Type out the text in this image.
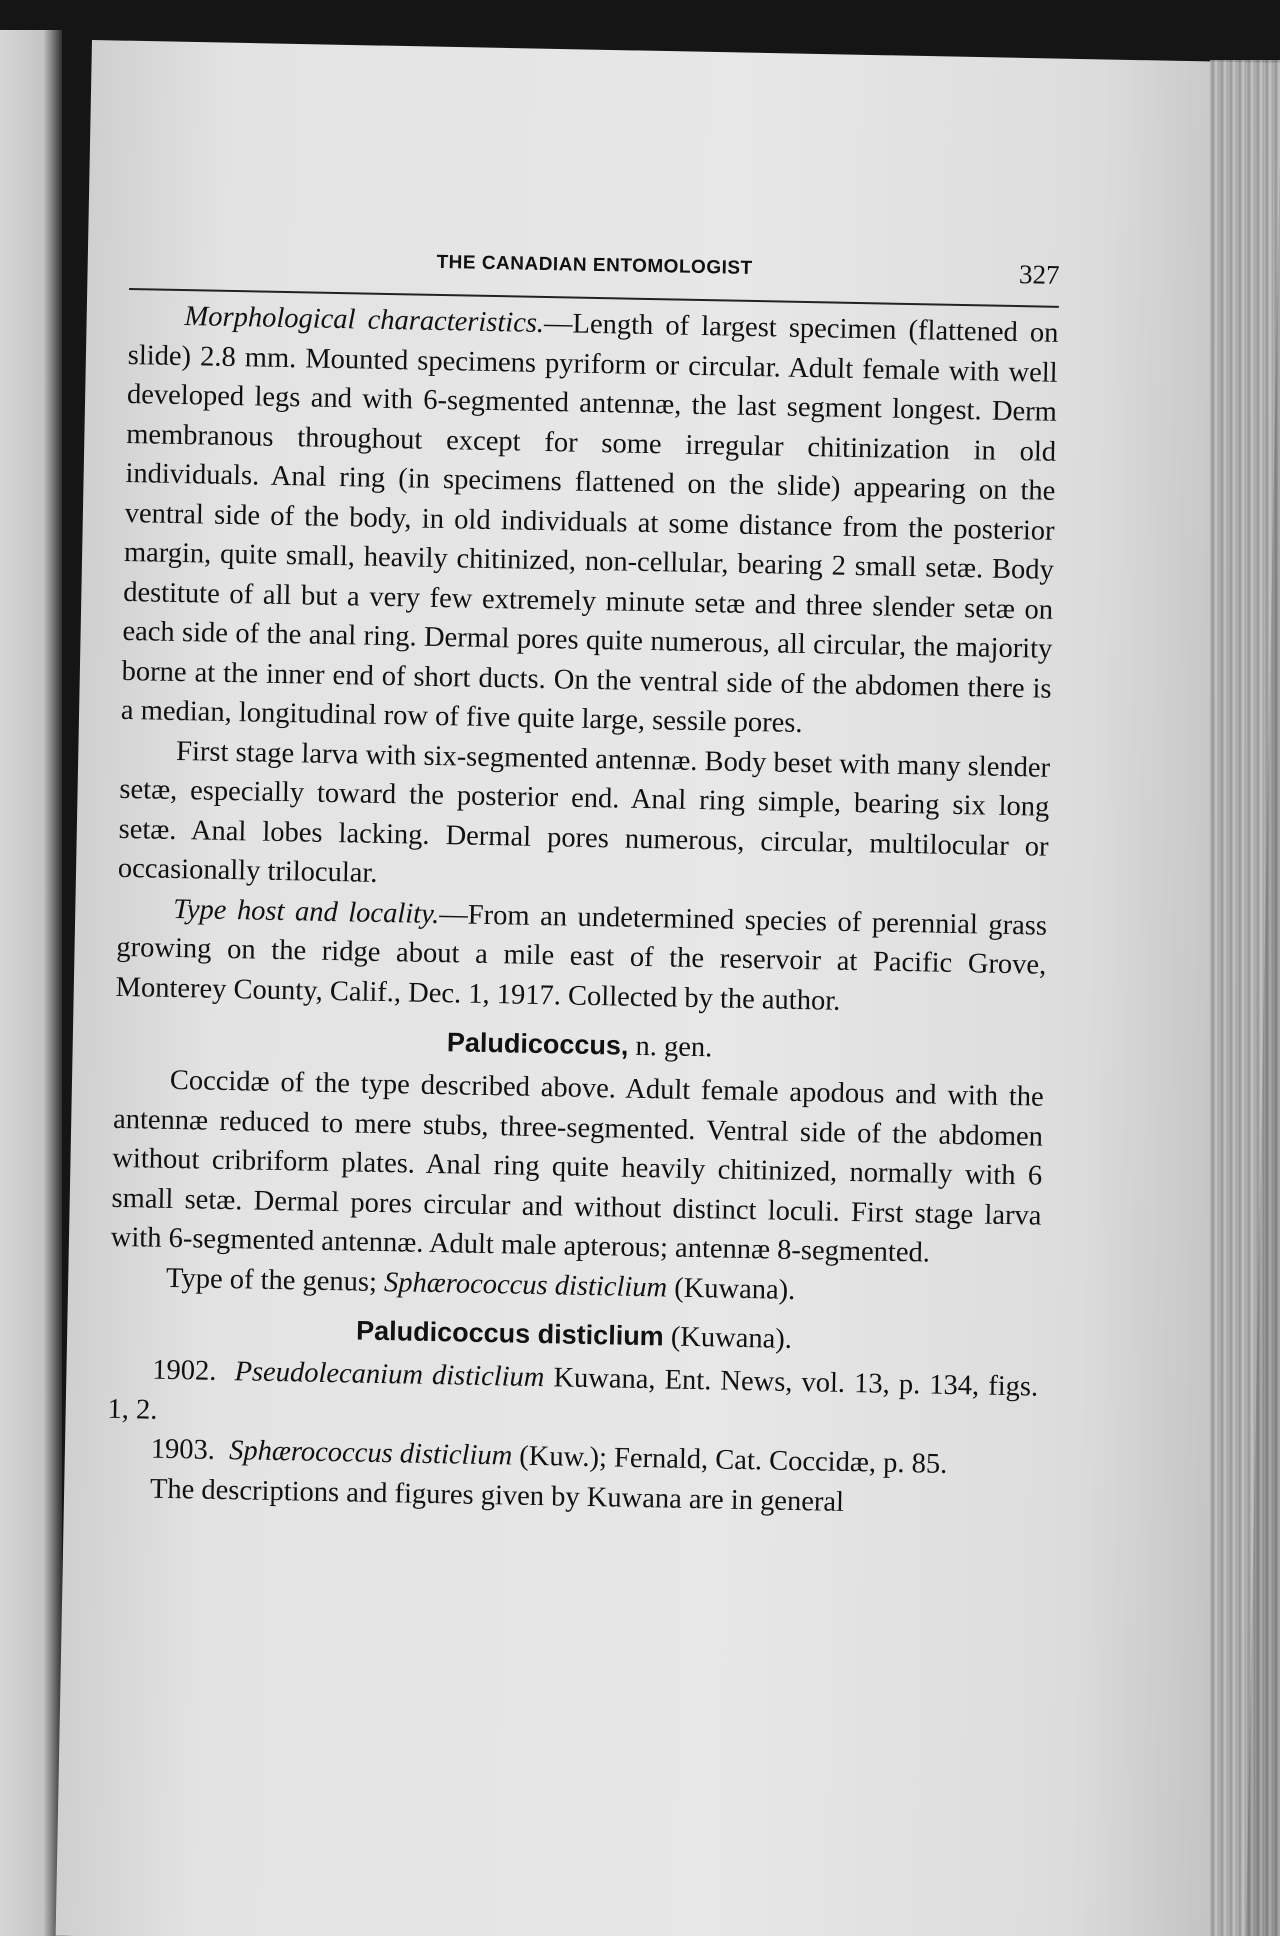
THE CANADIAN ENTOMOLOGIST	327

Morphological characteristics.—Length of largest specimen (flattened on slide) 2.8 mm. Mounted specimens pyriform or circular. Adult female with well developed legs and with 6-segmented antennæ, the last segment longest. Derm membranous throughout except for some irregular chitinization in old individuals. Anal ring (in specimens flattened on the slide) appearing on the ventral side of the body, in old individuals at some distance from the posterior margin, quite small, heavily chitinized, non-cellular, bearing 2 small setæ. Body destitute of all but a very few extremely minute setæ and three slender setæ on each side of the anal ring. Dermal pores quite numerous, all circular, the majority borne at the inner end of short ducts. On the ventral side of the abdomen there is a median, longitudinal row of five quite large, sessile pores.

First stage larva with six-segmented antennæ. Body beset with many slender setæ, especially toward the posterior end. Anal ring simple, bearing six long setæ. Anal lobes lacking. Dermal pores numerous, circular, multilocular or occasionally trilocular.

Type host and locality.—From an undetermined species of perennial grass growing on the ridge about a mile east of the reservoir at Pacific Grove, Monterey County, Calif., Dec. 1, 1917. Collected by the author.

Paludicoccus, n. gen.

Coccidæ of the type described above. Adult female apodous and with the antennæ reduced to mere stubs, three-segmented. Ventral side of the abdomen without cribriform plates. Anal ring quite heavily chitinized, normally with 6 small setæ. Dermal pores circular and without distinct loculi. First stage larva with 6-segmented antennæ. Adult male apterous; antennæ 8-segmented.

Type of the genus; Sphærococcus disticlium (Kuwana).

Paludicoccus disticlium (Kuwana).

1902. Pseudolecanium disticlium Kuwana, Ent. News, vol. 13, p. 134, figs. 1, 2.

1903. Sphærococcus disticlium (Kuw.); Fernald, Cat. Coccidæ, p. 85.

The descriptions and figures given by Kuwana are in general
